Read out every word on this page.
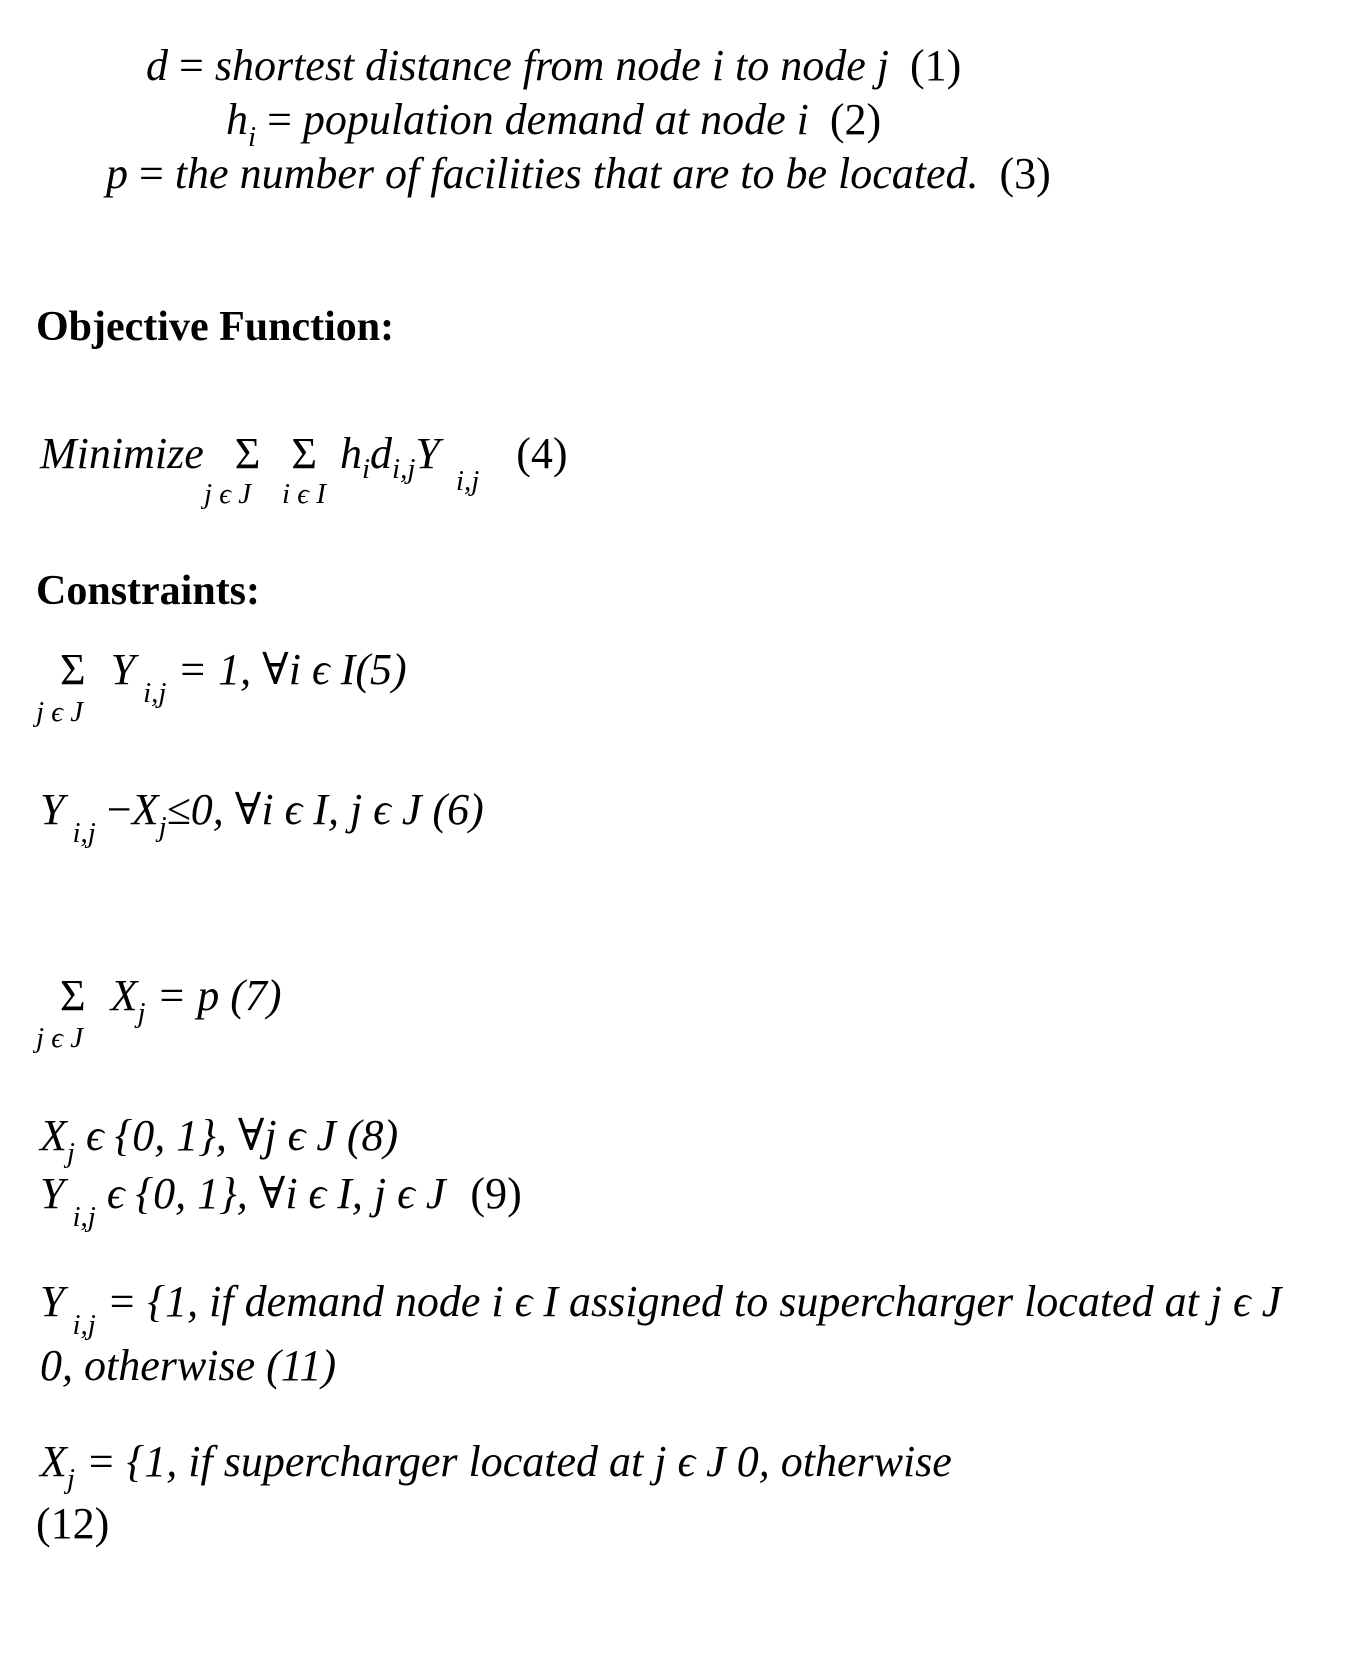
d = shortest distance from node i to node j (1)
$h_i$ = population demand at node i (2)
p = the number of facilities that are to be located. (3)
Objective Function:
Minimize Σ Σ $h_id_{i,j}Y_{i,j}$ (4)
j ϵ J i ϵ I
Constraints:
Σ Y $_{i,j}$ = 1, ∀i ϵ I(5)
j ϵ J
Y $_{i,j} -X_j\le 0$, ∀i ϵ I, j ϵ J (6)
Σ $X_j = p$ (7)
j ϵ J
$X_j$ ϵ {0, 1}, ∀j ϵ J (8)
Y $_{i,j}$ ϵ {0, 1}, ∀i ϵ I, j ϵ J (9)
Y $_{i,j}$ = {1, if demand node i ϵ I assigned to supercharger located at j ϵ J
0, otherwise (11)
$X_j = \{1$, if supercharger located at j ϵ J 0, otherwise
(12)
